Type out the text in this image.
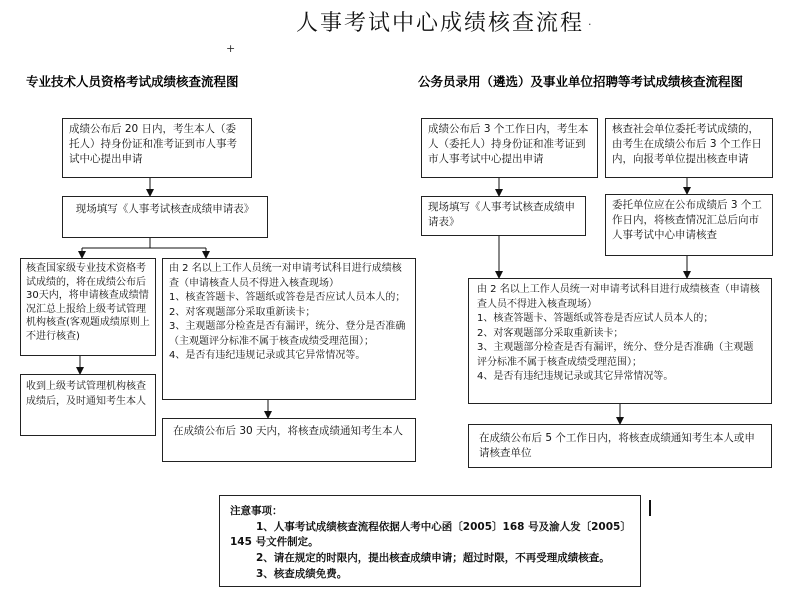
人事考试中心成绩核查流程
+
·
专业技术人员资格考试成绩核查流程图
成绩公布后 20 日内，考生本人（委托人）持身份证和准考证到市人事考试中心提出申请
现场填写《人事考试核查成绩申请表》
核查国家级专业技术资格考试成绩的，将在成绩公布后 30天内，将申请核查成绩情况汇总上报给上级考试管理机构核查(客观题成绩原则上不进行核查)
收到上级考试管理机构核查成绩后，及时通知考生本人
由 2 名以上工作人员统一对申请考试科目进行成绩核查（申请核查人员不得进入核查现场）
1、核查答题卡、答题纸或答卷是否应试人员本人的；
2、对客观题部分采取重新读卡；
3、主观题部分检查是否有漏评，统分、登分是否准确（主观题评分标准不属于核查成绩受理范围）；
4、是否有违纪违规记录或其它异常情况等。
在成绩公布后 30 天内，将核查成绩通知考生本人
公务员录用（遴选）及事业单位招聘等考试成绩核查流程图
成绩公布后 3 个工作日内，考生本人（委托人）持身份证和准考证到市人事考试中心提出申请
核查社会单位委托考试成绩的，由考生在成绩公布后 3 个工作日内，向报考单位提出核查申请
现场填写《人事考试核查成绩申请表》
委托单位应在公布成绩后 3 个工作日内，将核查情况汇总后向市人事考试中心申请核查
由 2 名以上工作人员统一对申请考试科目进行成绩核查（申请核查人员不得进入核查现场）
1、核查答题卡、答题纸或答卷是否应试人员本人的；
2、对客观题部分采取重新读卡；
3、主观题部分检查是否有漏评，统分、登分是否准确（主观题评分标准不属于核查成绩受理范围）；
4、是否有违纪违规记录或其它异常情况等。
在成绩公布后 5 个工作日内，将核查成绩通知考生本人或申请核查单位
注意事项：
1、人事考试成绩核查流程依据人考中心函〔2005〕168 号及渝人发〔2005〕
145 号文件制定。
2、请在规定的时限内，提出核查成绩申请；超过时限，不再受理成绩核查。
3、核查成绩免费。
